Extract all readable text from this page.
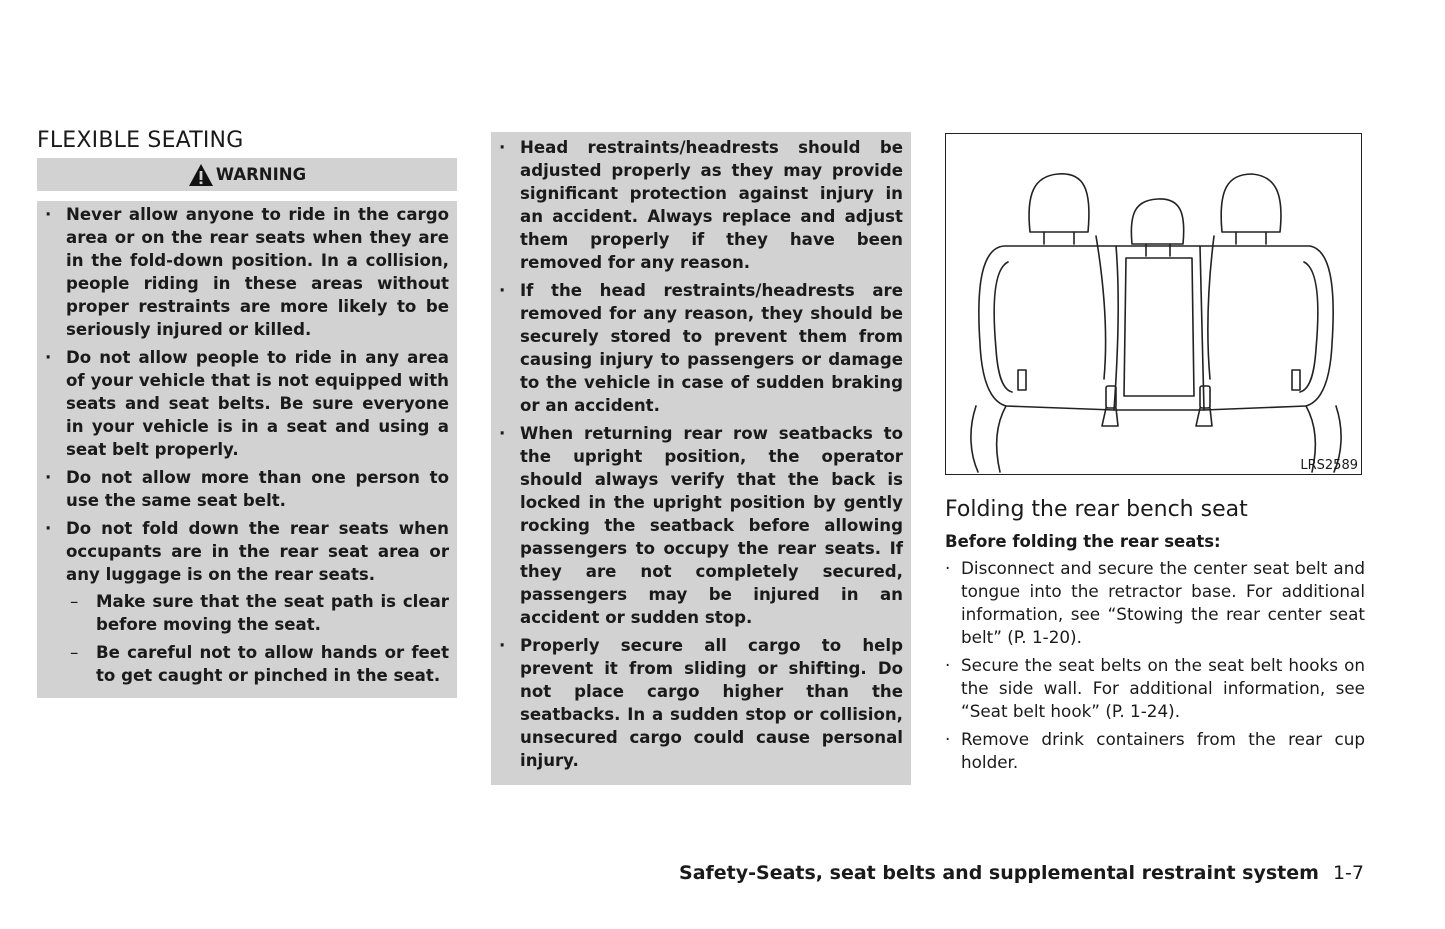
FLEXIBLE SEATING
WARNING
· Never allow anyone to ride in the cargo area or on the rear seats when they are in the fold-down position. In a collision, people riding in these areas without proper restraints are more likely to be seriously injured or killed.
· Do not allow people to ride in any area of your vehicle that is not equipped with seats and seat belts. Be sure everyone in your vehicle is in a seat and using a seat belt properly.
· Do not allow more than one person to use the same seat belt.
· Do not fold down the rear seats when occupants are in the rear seat area or any luggage is on the rear seats.
– Make sure that the seat path is clear before moving the seat.
– Be careful not to allow hands or feet to get caught or pinched in the seat.
· Head restraints/headrests should be adjusted properly as they may provide significant protection against injury in an accident. Always replace and adjust them properly if they have been removed for any reason.
· If the head restraints/headrests are removed for any reason, they should be securely stored to prevent them from causing injury to passengers or damage to the vehicle in case of sudden braking or an accident.
· When returning rear row seatbacks to the upright position, the operator should always verify that the back is locked in the upright position by gently rocking the seatback before allowing passengers to occupy the rear seats. If they are not completely secured, passengers may be injured in an accident or sudden stop.
· Properly secure all cargo to help prevent it from sliding or shifting. Do not place cargo higher than the seatbacks. In a sudden stop or collision, unsecured cargo could cause personal injury.
LRS2589
Folding the rear bench seat
Before folding the rear seats:
· Disconnect and secure the center seat belt and tongue into the retractor base. For additional information, see “Stowing the rear center seat belt” (P. 1-20).
· Secure the seat belts on the seat belt hooks on the side wall. For additional information, see “Seat belt hook” (P. 1-24).
· Remove drink containers from the rear cup holder.
Safety-Seats, seat belts and supplemental restraint system 1-7
